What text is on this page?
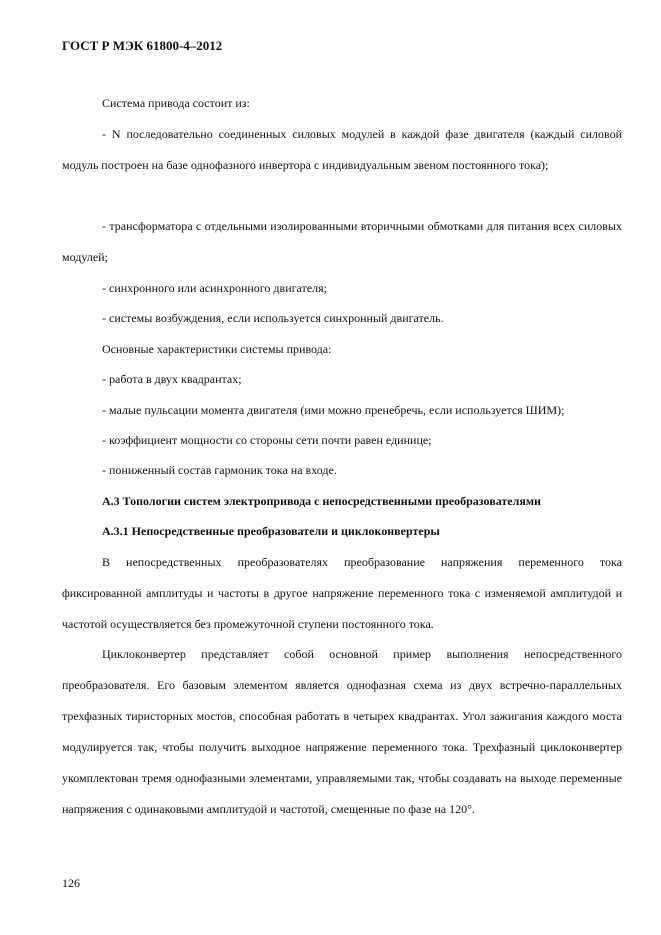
ГОСТ Р МЭК 61800-4–2012
Система привода состоит из:
- N последовательно соединенных силовых модулей в каждой фазе двигателя (каждый силовой модуль построен на базе однофазного инвертора с индивидуальным звеном постоянного тока);
- трансформатора с отдельными изолированными вторичными обмотками для питания всех силовых модулей;
- синхронного или асинхронного двигателя;
- системы возбуждения, если используется синхронный двигатель.
Основные характеристики системы привода:
- работа в двух квадрантах;
- малые пульсации момента двигателя (ими можно пренебречь, если используется ШИМ);
- коэффициент мощности со стороны сети почти равен единице;
- пониженный состав гармоник тока на входе.
А.3 Топологии систем электропривода с непосредственными преобразователями
А.3.1 Непосредственные преобразователи и циклоконвертеры
В непосредственных преобразователях преобразование напряжения переменного тока фиксированной амплитуды и частоты в другое напряжение переменного тока с изменяемой амплитудой и частотой осуществляется без промежуточной ступени постоянного тока.
Циклоконвертер представляет собой основной пример выполнения непосредственного преобразователя. Его базовым элементом является однофазная схема из двух встречно-параллельных трехфазных тиристорных мостов, способная работать в четырех квадрантах. Угол зажигания каждого моста модулируется так, чтобы получить выходное напряжение переменного тока. Трехфазный циклоконвертер укомплектован тремя однофазными элементами, управляемыми так, чтобы создавать на выходе переменные напряжения с одинаковыми амплитудой и частотой, смещенные по фазе на 120°.
126
